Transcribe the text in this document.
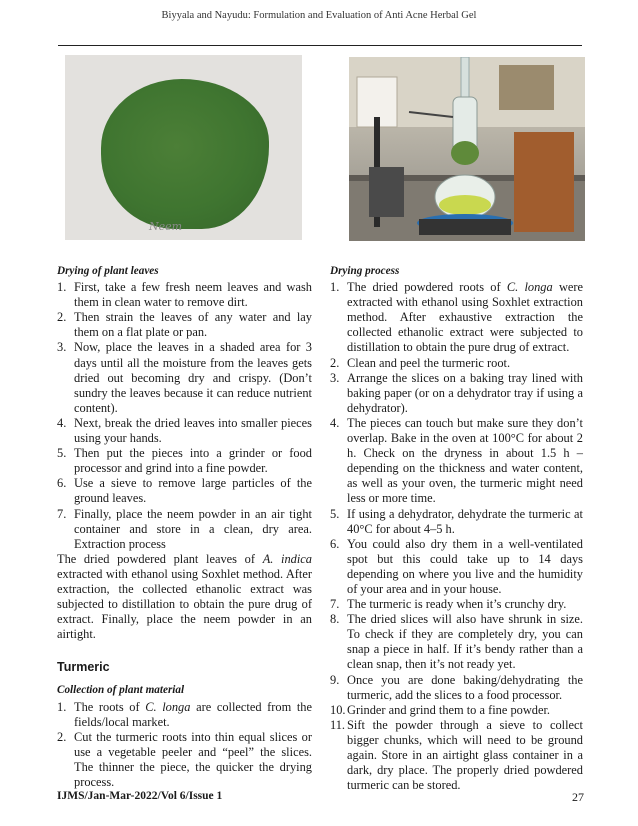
Biyyala and Nayudu: Formulation and Evaluation of Anti Acne Herbal Gel
Neem
Drying of plant leaves
1. First, take a few fresh neem leaves and wash them in clean water to remove dirt.
2. Then strain the leaves of any water and lay them on a flat plate or pan.
3. Now, place the leaves in a shaded area for 3 days until all the moisture from the leaves gets dried out becoming dry and crispy. (Don’t sundry the leaves because it can reduce nutrient content).
4. Next, break the dried leaves into smaller pieces using your hands.
5. Then put the pieces into a grinder or food processor and grind into a fine powder.
6. Use a sieve to remove large particles of the ground leaves.
7. Finally, place the neem powder in an air tight container and store in a clean, dry area. Extraction process

The dried powdered plant leaves of A. indica extracted with ethanol using Soxhlet method. After extraction, the collected ethanolic extract was subjected to distillation to obtain the pure drug of extract. Finally, place the neem powder in an airtight.

Turmeric
Collection of plant material
1. The roots of C. longa are collected from the fields/local market.
2. Cut the turmeric roots into thin equal slices or use a vegetable peeler and “peel” the slices. The thinner the piece, the quicker the drying process.
Drying process
1. The dried powdered roots of C. longa were extracted with ethanol using Soxhlet extraction method. After exhaustive extraction the collected ethanolic extract were subjected to distillation to obtain the pure drug of extract.
2. Clean and peel the turmeric root.
3. Arrange the slices on a baking tray lined with baking paper (or on a dehydrator tray if using a dehydrator).
4. The pieces can touch but make sure they don’t overlap. Bake in the oven at 100°C for about 2 h. Check on the dryness in about 1.5 h – depending on the thickness and water content, as well as your oven, the turmeric might need less or more time.
5. If using a dehydrator, dehydrate the turmeric at 40°C for about 4–5 h.
6. You could also dry them in a well-ventilated spot but this could take up to 14 days depending on where you live and the humidity of your area and in your house.
7. The turmeric is ready when it’s crunchy dry.
8. The dried slices will also have shrunk in size. To check if they are completely dry, you can snap a piece in half. If it’s bendy rather than a clean snap, then it’s not ready yet.
9. Once you are done baking/dehydrating the turmeric, add the slices to a food processor.
10. Grinder and grind them to a fine powder.
11. Sift the powder through a sieve to collect bigger chunks, which will need to be ground again. Store in an airtight glass container in a dark, dry place. The properly dried powdered turmeric can be stored.
IJMS/Jan-Mar-2022/Vol 6/Issue 1	27
